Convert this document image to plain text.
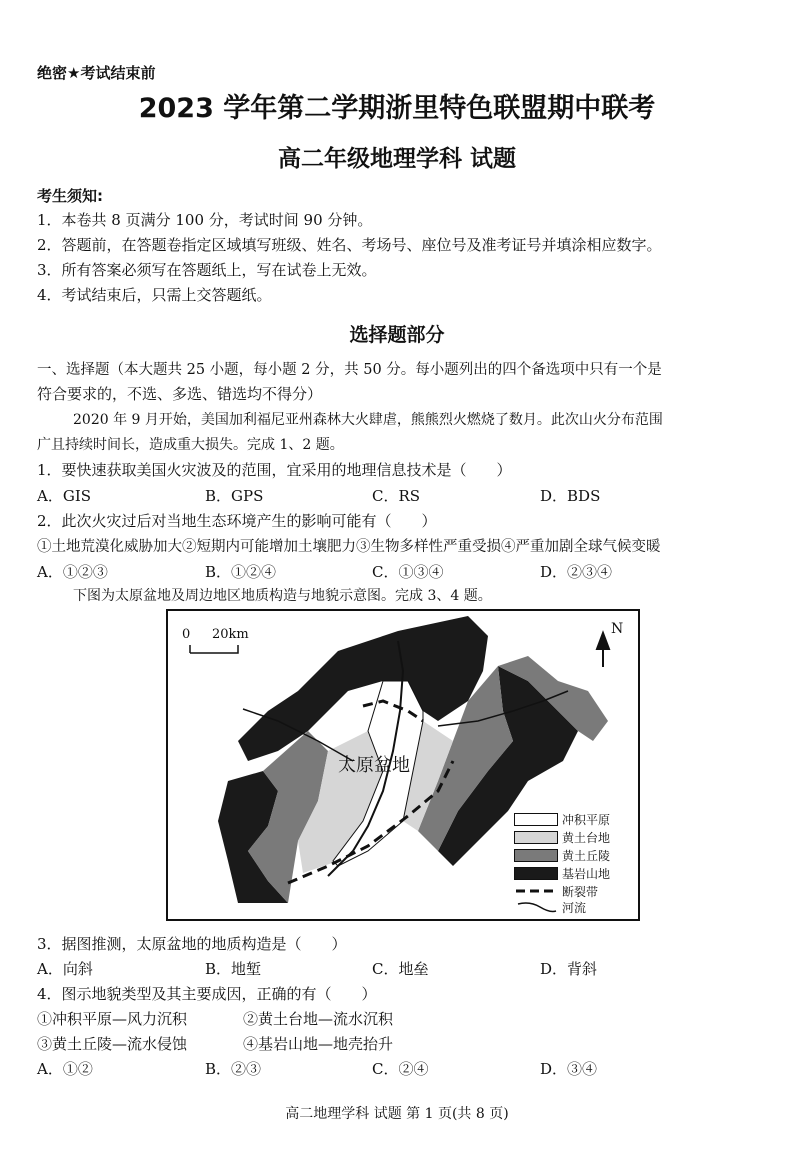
绝密★考试结束前
2023 学年第二学期浙里特色联盟期中联考
高二年级地理学科 试题
考生须知:
1．本卷共 8 页满分 100 分，考试时间 90 分钟。
2．答题前，在答题卷指定区域填写班级、姓名、考场号、座位号及准考证号并填涂相应数字。
3．所有答案必须写在答题纸上，写在试卷上无效。
4．考试结束后，只需上交答题纸。
选择题部分
一、选择题（本大题共 25 小题，每小题 2 分，共 50 分。每小题列出的四个备选项中只有一个是
符合要求的，不选、多选、错选均不得分）
2020 年 9 月开始，美国加利福尼亚州森林大火肆虐，熊熊烈火燃烧了数月。此次山火分布范围
广且持续时间长，造成重大损失。完成 1、2 题。
1．要快速获取美国火灾波及的范围，宜采用的地理信息技术是（　　）
A．GIS	B．GPS	C．RS	D．BDS
2．此次火灾过后对当地生态环境产生的影响可能有（　　）
①土地荒漠化威胁加大②短期内可能增加土壤肥力③生物多样性严重受损④严重加剧全球气候变暖
A．①②③	B．①②④	C．①③④	D．②③④
下图为太原盆地及周边地区地质构造与地貌示意图。完成 3、4 题。
0 20km	N
太原盆地
冲积平原
黄土台地
黄土丘陵
基岩山地
断裂带
河流
3．据图推测，太原盆地的地质构造是（　　）
A．向斜	B．地堑	C．地垒	D．背斜
4．图示地貌类型及其主要成因，正确的有（　　）
①冲积平原—风力沉积	②黄土台地—流水沉积
③黄土丘陵—流水侵蚀	④基岩山地—地壳抬升
A．①②	B．②③	C．②④	D．③④
高二地理学科 试题 第 1 页(共 8 页)
